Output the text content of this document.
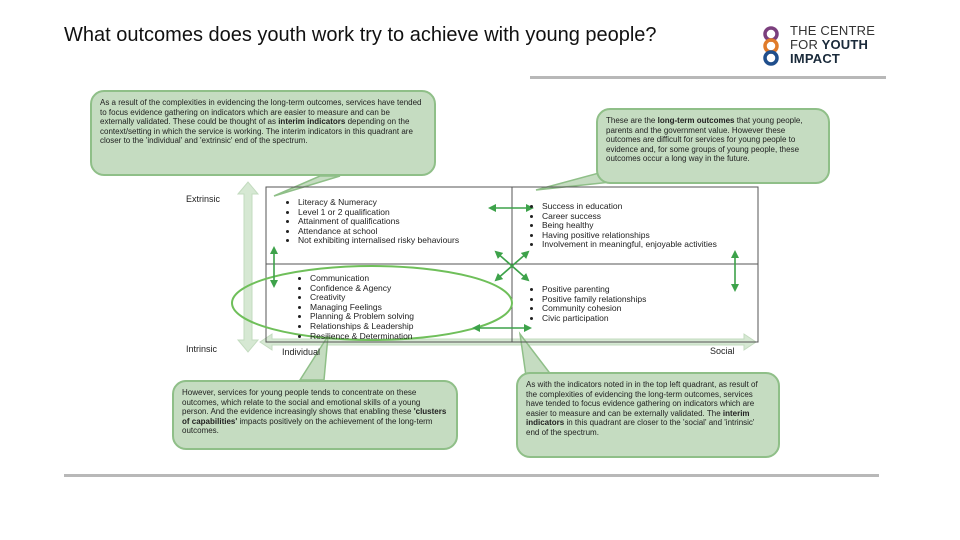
What outcomes does youth work try to achieve with young people?	THE CENTRE
FOR YOUTH
IMPACT
As a result of the complexities in evidencing the long-term outcomes, services have tended to focus evidence gathering on indicators which are easier to measure and can be externally validated. These could be thought of as interim indicators depending on the context/setting in which the service is working. The interim indicators in this quadrant are closer to the 'individual' and 'extrinsic' end of the spectrum.
These are the long-term outcomes that young people, parents and the government value. However these outcomes are difficult for services for young people to evidence and, for some groups of young people, these outcomes occur a long way in the future.
However, services for young people tends to concentrate on these outcomes, which relate to the social and emotional skills of a young person. And the evidence increasingly shows that enabling these 'clusters of capabilities' impacts positively on the achievement of the long-term outcomes.
As with the indicators noted in in the top left quadrant, as result of the complexities of evidencing the long-term outcomes, services have tended to focus evidence gathering on indicators which are easier to measure and can be externally validated. The interim indicators in this quadrant are closer to the 'social' and 'intrinsic' end of the spectrum.
Extrinsic
Intrinsic	Individual	Social
• Literacy & Numeracy
• Level 1 or 2 qualification
• Attainment of qualifications
• Attendance at school
• Not exhibiting internalised risky behaviours
• Success in education
• Career success
• Being healthy
• Having positive relationships
• Involvement in meaningful, enjoyable activities
• Communication
• Confidence & Agency
• Creativity
• Managing Feelings
• Planning & Problem solving
• Relationships & Leadership
• Resilience & Determination
• Positive parenting
• Positive family relationships
• Community cohesion
• Civic participation
